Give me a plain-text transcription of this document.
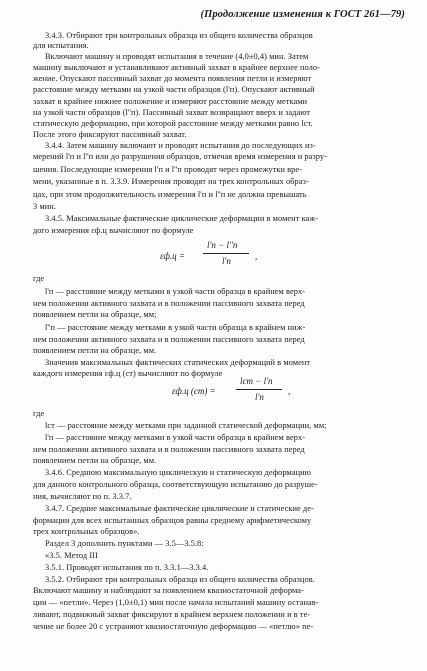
(Продолжение изменения к ГОСТ 261—79)
3.4.3. Отбирают три контрольных образца из общего количества образцов
для испытания.
Включают машину и проводят испытания в течение (4,0±0,4) мин. Затем
машину выключают и устанавливают активный захват в крайнее верхнее поло-
жение. Опускают пассивный захват до момента появления петли и измеряют
расстояние между метками на узкой части образцов (l'п). Опускают активный
захват в крайнее нижнее положение и измеряют расстояние между метками
на узкой части образцов (l''п). Пассивный захват возвращают вверх и задают
статическую деформацию, при которой расстояние между метками равно lст.
После этого фиксируют пассивный захват.
3.4.4. Затем машину включают и проводят испытания до последующих из-
мерений l'п и l''п или до разрушения образцов, отмечая время измерения и разру-
шения. Последующие измерения l'п и l''п проводят через промежутки вре-
мени, указанные в п. 3.3.9. Измерения проводят на трех контрольных образ-
цах, при этом продолжительность измерения l'п и l''п не должна превышать
3 мин.
3.4.5. Максимальные фактические циклические деформации в момент каж-
дого измерения εф.ц вычисляют по формуле
εф.ц =
l'п − l''п
l'п	,
где
l'п — расстояние между метками в узкой части образца в крайнем верх-
нем положении активного захвата и в положении пассивного захвата перед
появлением петли на образце, мм;
l''п — расстояние между метками в узкой части образца в крайнем ниж-
нем положении активного захвата и в положении пассивного захвата перед
появлением петли на образце, мм.
Значения максимальных фактических статических деформаций в момент
каждого измерения εф.ц (ст) вычисляют по формуле
εф.ц (ст) =
lст − l'п
l'п
,
где
lст — расстояние между метками при заданной статической деформации, мм;
l'п — расстояние между метками в узкой части образца в крайнем верх-
нем положении активного захвата и в положении пассивного захвата перед
появлением петли на образце, мм.
3.4.6. Среднюю максимальную циклическую и статическую деформацию
для данного контрольного образца, соответствующую испытанию до разруше-
ния, вычисляют по п. 3.3.7.
3.4.7. Средние максимальные фактические циклические и статические де-
формации для всех испытанных образцов равны среднему арифметическому
трех контрольных образцов».
Раздел 3 дополнить пунктами — 3.5—3.5.8:
«3.5. Метод III
3.5.1. Проводят испытания по п. 3.3.1—3.3.4.
3.5.2. Отбирают три контрольных образца из общего количества образцов.
Включают машину и наблюдают за появлением квазиостаточной деформа-
ции — «петли». Через (1,0±0,1) мин после начала испытаний машину останав-
ливают, подвижный захват фиксируют в крайнем верхнем положении и в те-
чение не более 20 с устраняют квазиостаточную деформацию — «петлю» пе-
